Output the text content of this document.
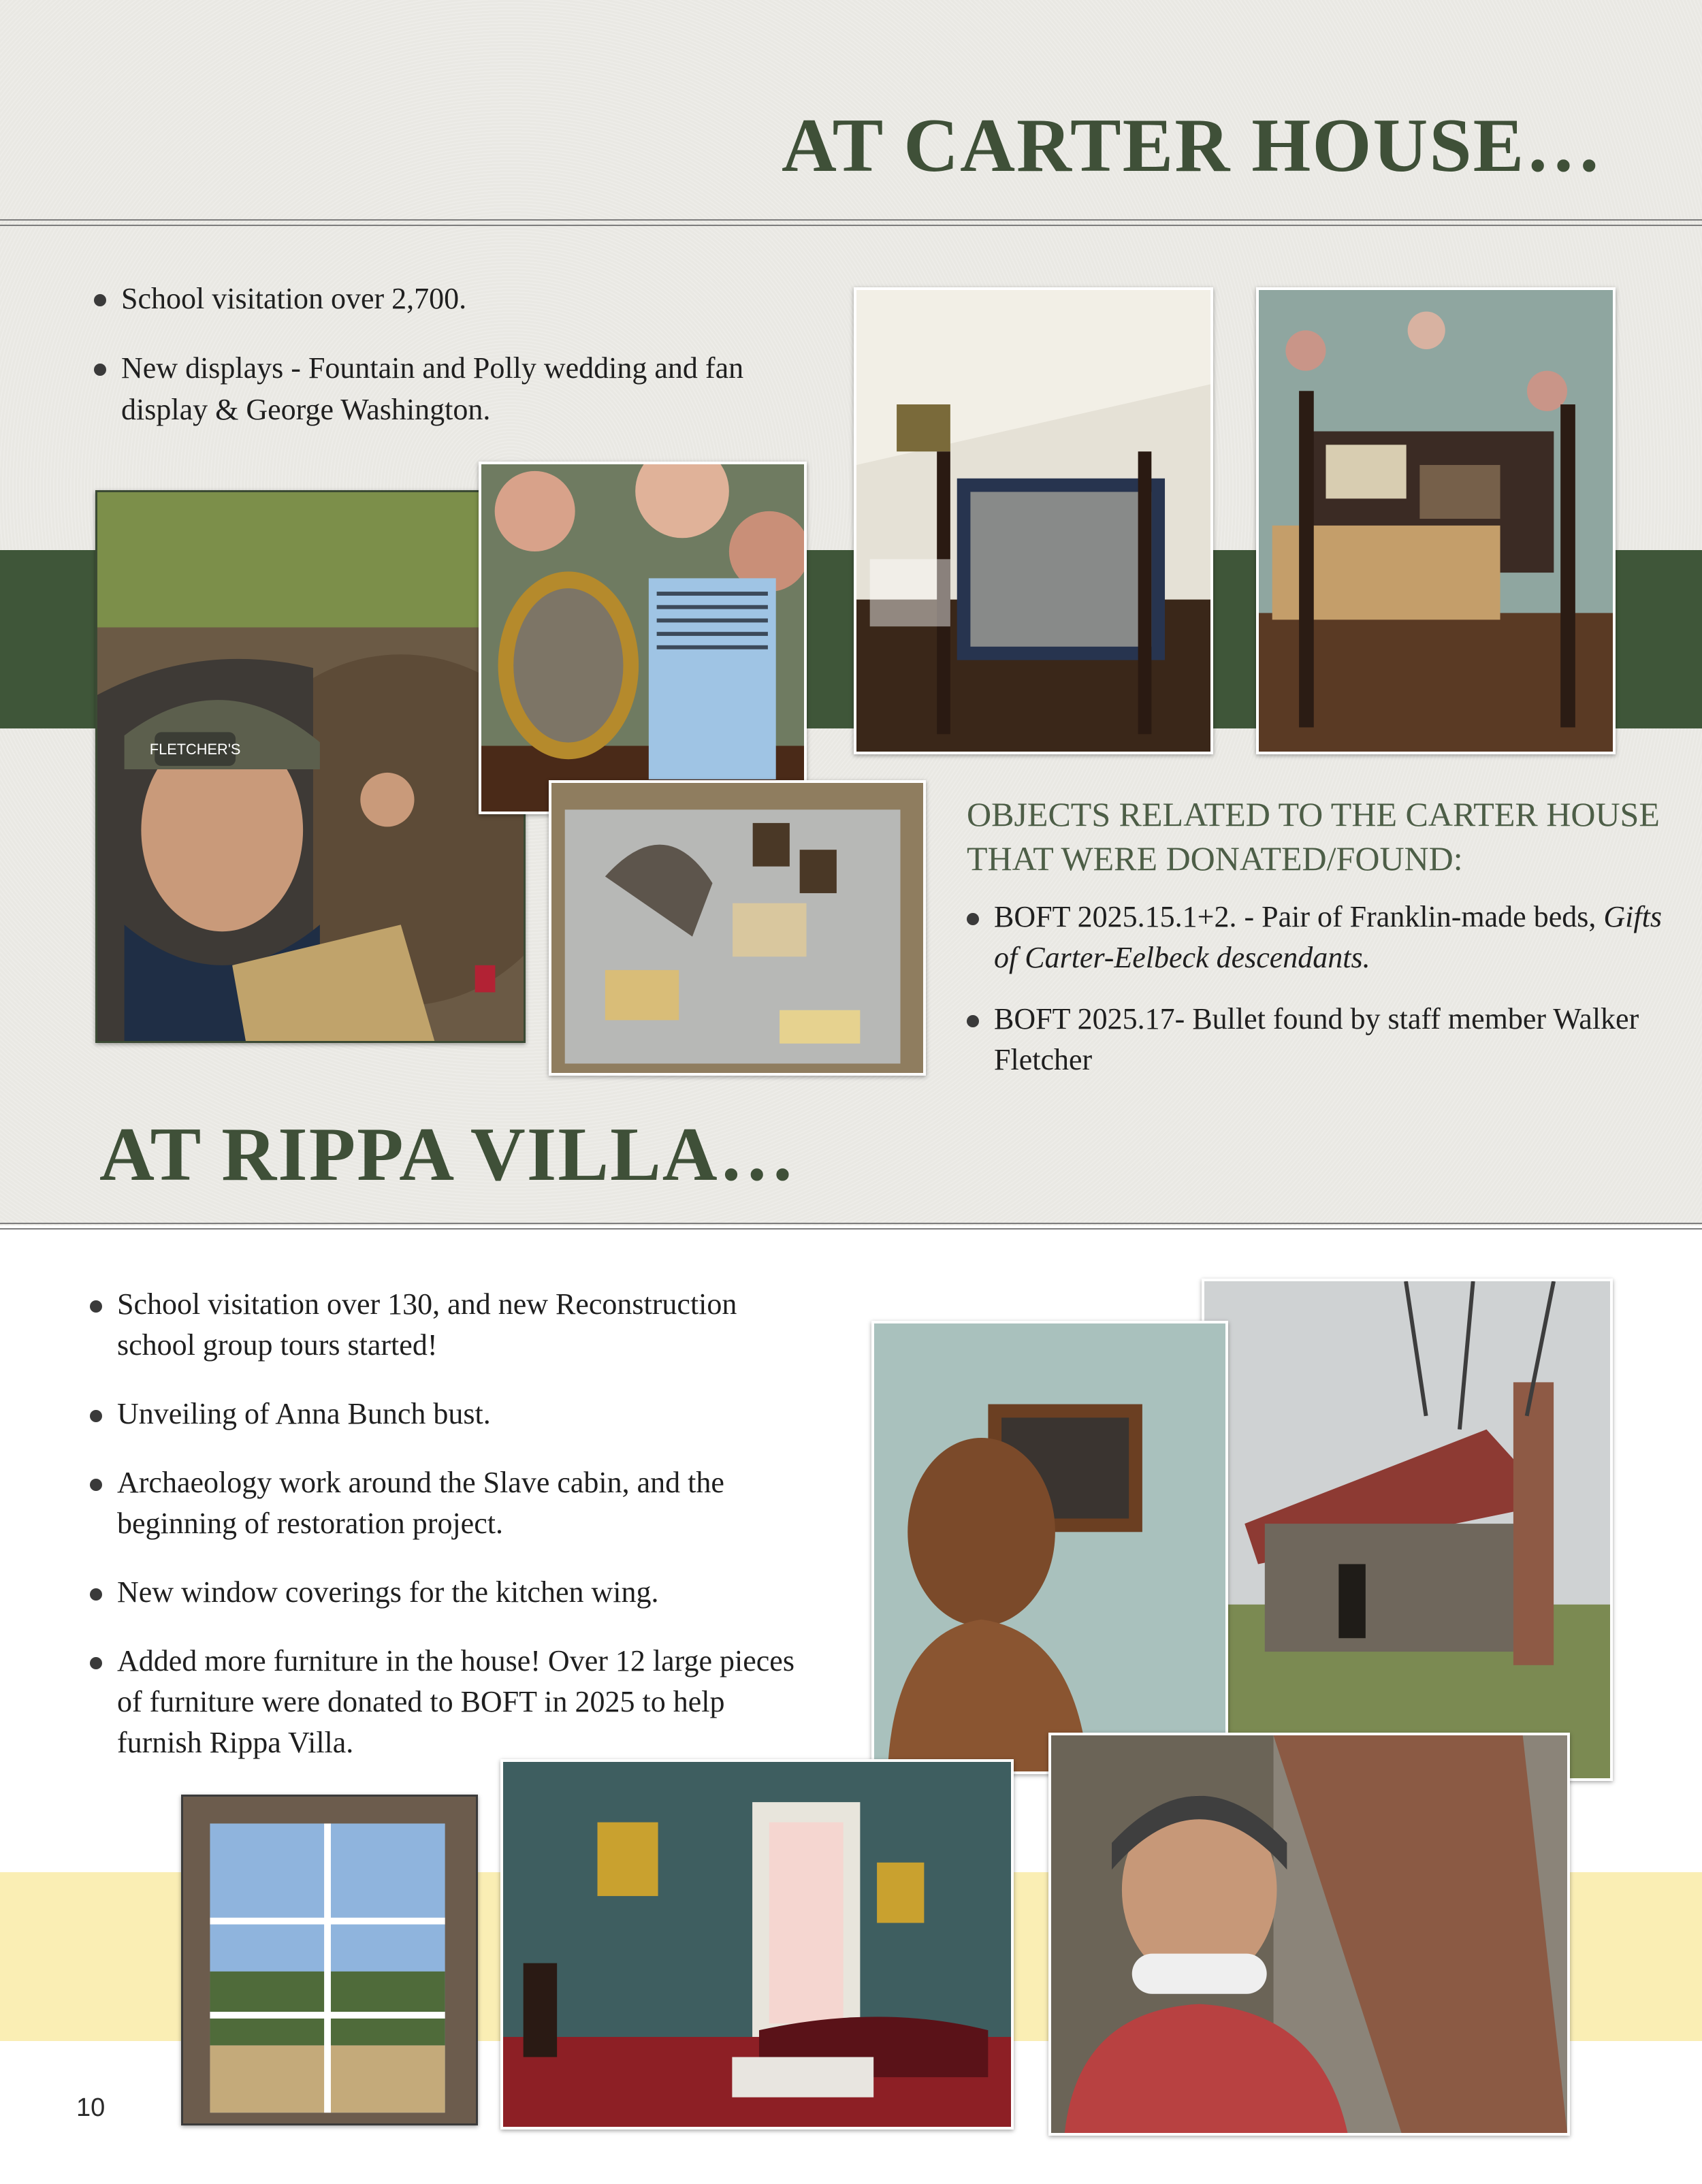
AT CARTER HOUSE…
School visitation over 2,700.
New displays - Fountain and Polly wedding and fan display & George Washington.
FLETCHER'S
OBJECTS RELATED TO THE CARTER HOUSE THAT WERE DONATED/FOUND:
BOFT 2025.15.1+2. - Pair of Franklin-made beds, Gifts of Carter-Eelbeck descendants.
BOFT 2025.17- Bullet found by staff member Walker Fletcher
AT RIPPA VILLA…
School visitation over 130, and new Reconstruction school group tours started!
Unveiling of Anna Bunch bust.
Archaeology work around the Slave cabin, and the beginning of restoration project.
New window coverings for the kitchen wing.
Added more furniture in the house! Over 12 large pieces of furniture were donated to BOFT in 2025 to help furnish Rippa Villa.
10
